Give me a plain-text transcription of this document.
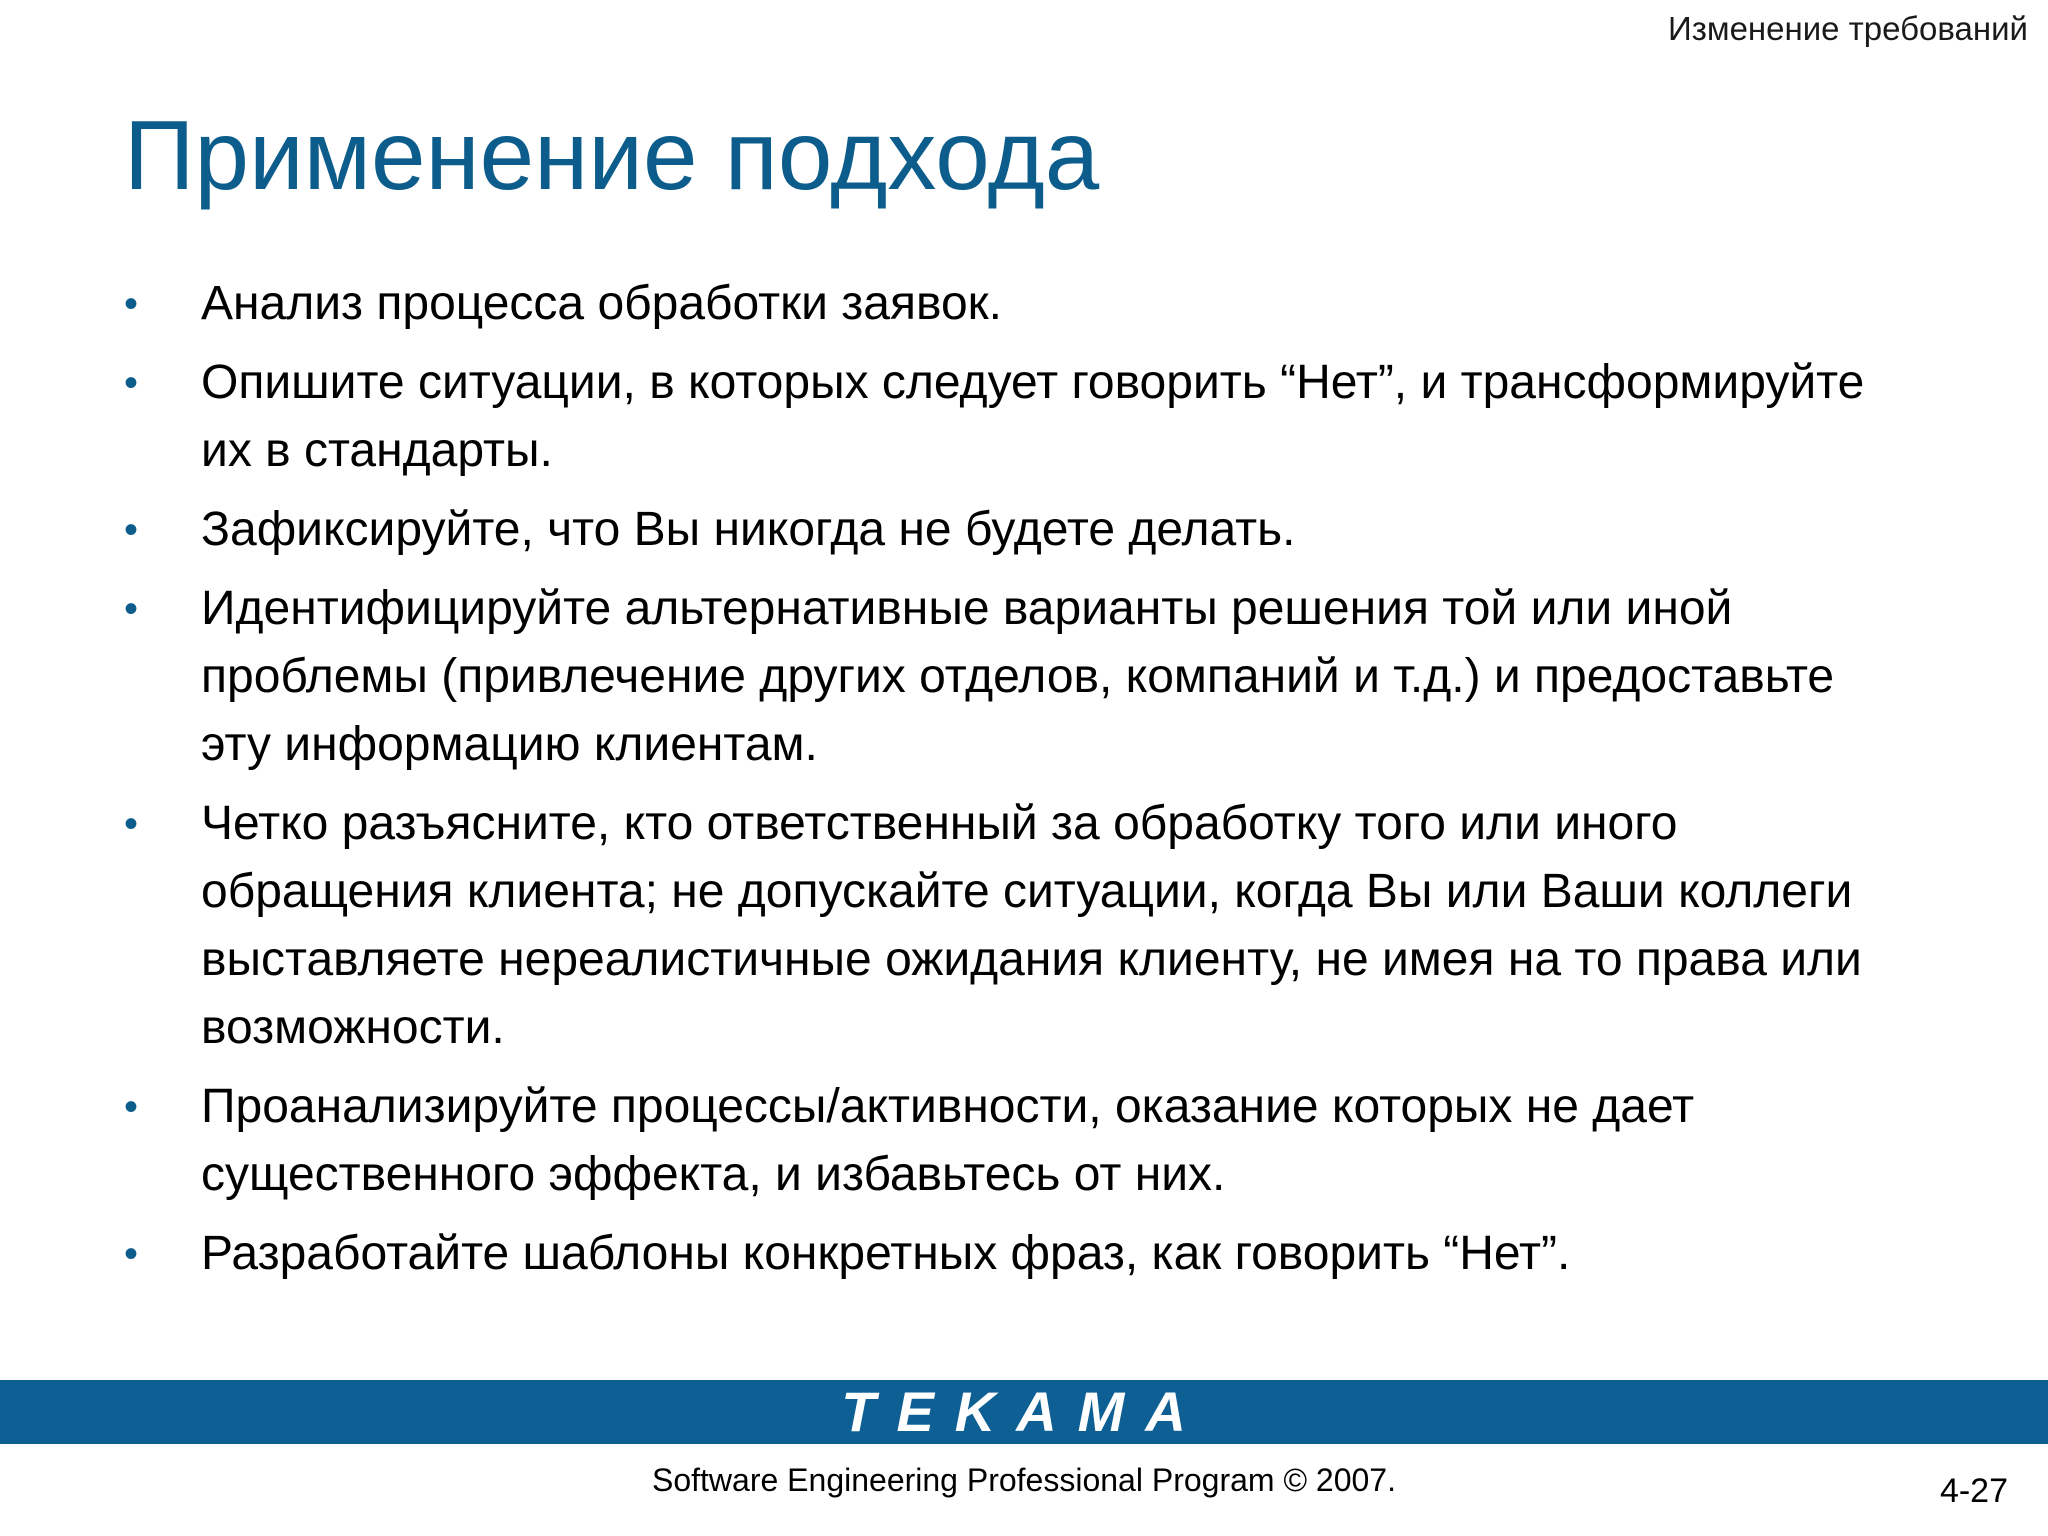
Изменение требований
Применение подхода
• Анализ процесса обработки заявок.
• Опишите ситуации, в которых следует говорить “Нет”, и трансформируйте их в стандарты.
• Зафиксируйте, что Вы никогда не будете делать.
• Идентифицируйте альтернативные варианты решения той или иной проблемы (привлечение других отделов, компаний и т.д.) и предоставьте эту информацию клиентам.
• Четко разъясните, кто ответственный за обработку того или иного обращения клиента; не допускайте ситуации, когда Вы или Ваши коллеги выставляете нереалистичные ожидания клиенту, не имея на то права или возможности.
• Проанализируйте процессы/активности, оказание которых не дает существенного эффекта, и избавьтесь от них.
• Разработайте шаблоны конкретных фраз, как говорить “Нет”.
TEKAMA
Software Engineering Professional Program © 2007.	4-27
